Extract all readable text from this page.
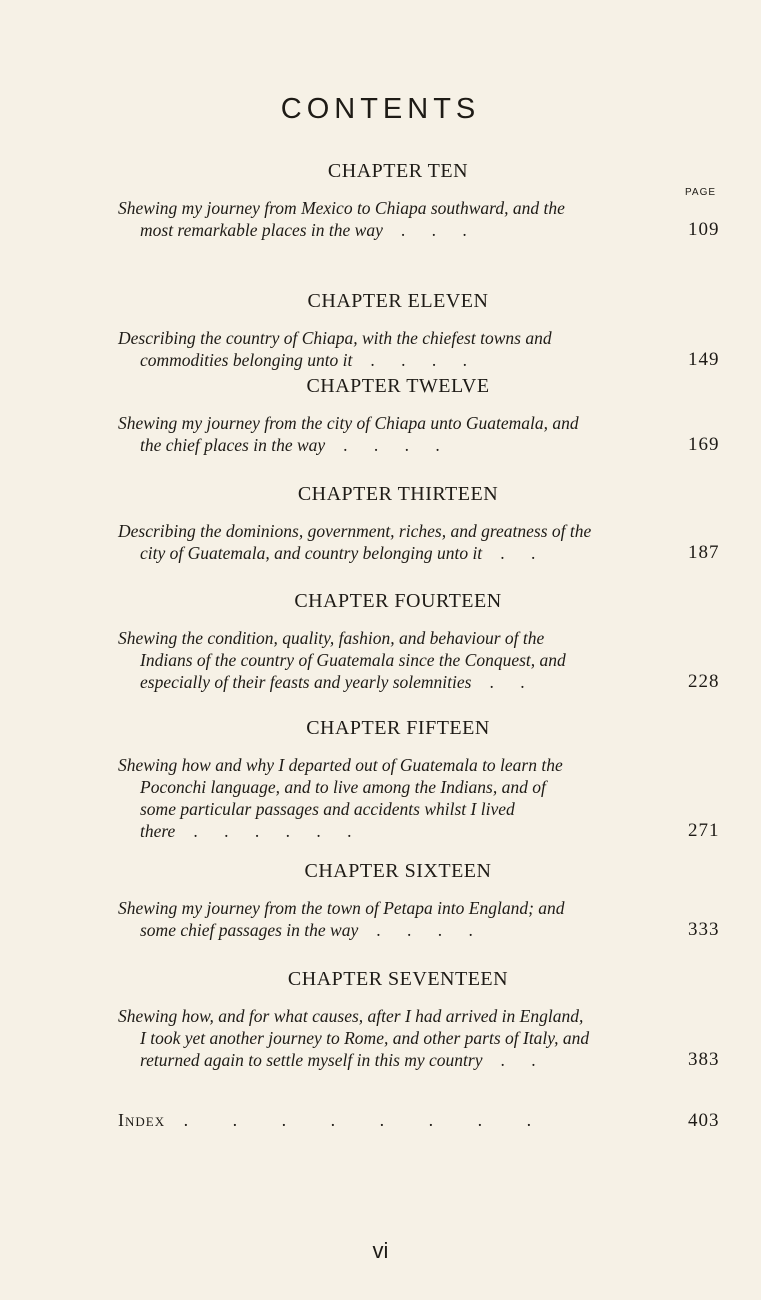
CONTENTS
PAGE
CHAPTER TEN
Shewing my journey from Mexico to Chiapa southward, and the
most remarkable places in the way . . .	109
CHAPTER ELEVEN
Describing the country of Chiapa, with the chiefest towns and
commodities belonging unto it . . . .	149
CHAPTER TWELVE
Shewing my journey from the city of Chiapa unto Guatemala, and
the chief places in the way . . . .	169
CHAPTER THIRTEEN
Describing the dominions, government, riches, and greatness of the
city of Guatemala, and country belonging unto it . .	187
CHAPTER FOURTEEN
Shewing the condition, quality, fashion, and behaviour of the
Indians of the country of Guatemala since the Conquest, and
especially of their feasts and yearly solemnities . .	228
CHAPTER FIFTEEN
Shewing how and why I departed out of Guatemala to learn the
Poconchi language, and to live among the Indians, and of
some particular passages and accidents whilst I lived
there . . . . . .	271
CHAPTER SIXTEEN
Shewing my journey from the town of Petapa into England; and
some chief passages in the way . . . .	333
CHAPTER SEVENTEEN
Shewing how, and for what causes, after I had arrived in England,
I took yet another journey to Rome, and other parts of Italy, and
returned again to settle myself in this my country . .	383
Index . . . . . . . .	403
vi
